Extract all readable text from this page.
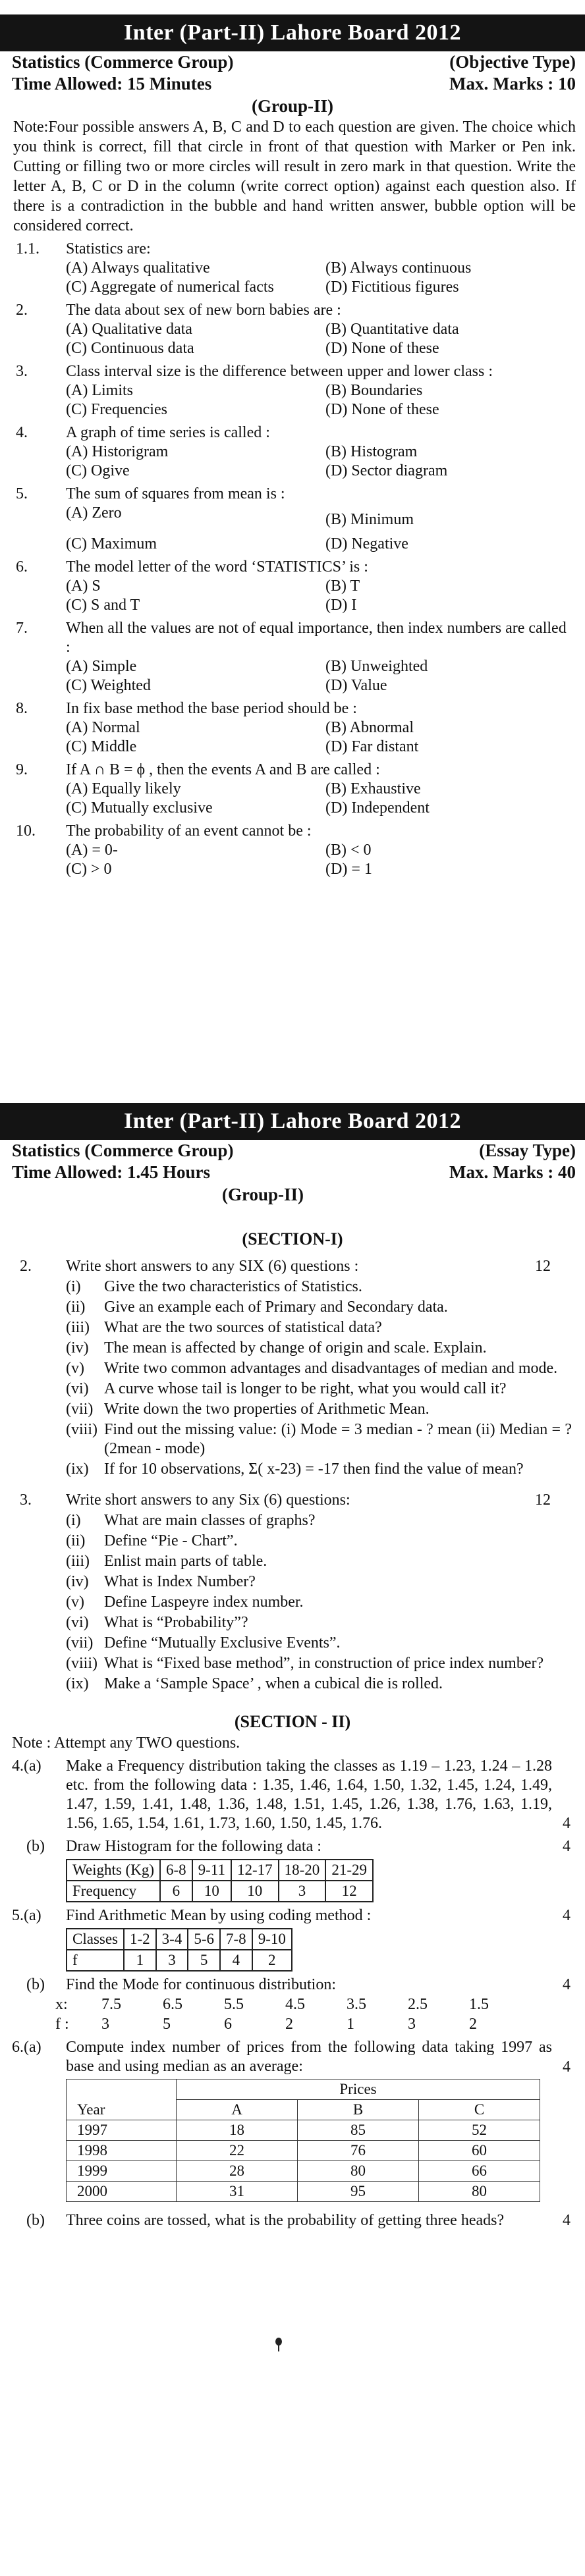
Inter (Part-II) Lahore Board 2012
Statistics (Commerce Group)	(Objective Type)
Time Allowed: 15 Minutes	Max. Marks : 10
(Group-II)
Note:Four possible answers A, B, C and D to each question are given. The choice which you think is correct, fill that circle in front of that question with Marker or Pen ink. Cutting or filling two or more circles will result in zero mark in that question. Write the letter A, B, C or D in the column (write correct option) against each question also. If there is a contradiction in the bubble and hand written answer, bubble option will be considered correct.
1.1.	Statistics are:
(A) Always qualitative	(B) Always continuous
(C) Aggregate of numerical facts	(D) Fictitious figures
2.	The data about sex of new born babies are :
(A) Qualitative data	(B) Quantitative data
(C) Continuous data	(D) None of these
3.	Class interval size is the difference between upper and lower class :
(A) Limits	(B) Boundaries
(C) Frequencies	(D) None of these
4.	A graph of time series is called :
(A) Historigram	(B) Histogram
(C) Ogive	(D) Sector diagram
5.	The sum of squares from mean is :
(A) Zero	(B) Minimum
(C) Maximum	(D) Negative
6.	The model letter of the word ‘STATISTICS’ is :
(A) S	(B) T
(C) S and T	(D) I
7.	When all the values are not of equal importance, then index numbers are called :
(A) Simple	(B) Unweighted
(C) Weighted	(D) Value
8.	In fix base method the base period should be :
(A) Normal	(B) Abnormal
(C) Middle	(D) Far distant
9.	If A ∩ B = ϕ , then the events A and B are called :
(A) Equally likely	(B) Exhaustive
(C) Mutually exclusive	(D) Independent
10.	The probability of an event cannot be :
(A) = 0-	(B) < 0
(C) > 0	(D) = 1
Inter (Part-II) Lahore Board 2012
Statistics (Commerce Group)	(Essay Type)
Time Allowed: 1.45 Hours	Max. Marks : 40
(Group-II)
(SECTION-I)
2.	12
Write short answers to any SIX (6) questions :
(i) Give the two characteristics of Statistics.
(ii) Give an example each of Primary and Secondary data.
(iii) What are the two sources of statistical data?
(iv) The mean is affected by change of origin and scale. Explain.
(v) Write two common advantages and disadvantages of median and mode.
(vi) A curve whose tail is longer to be right, what you would call it?
(vii) Write down the two properties of Arithmetic Mean.
(viii) Find out the missing value: (i) Mode = 3 median - ? mean (ii) Median = ? (2mean - mode)
(ix) If for 10 observations, Σ( x-23) = -17 then find the value of mean?
3.	12
Write short answers to any Six (6) questions:
(i) What are main classes of graphs?
(ii) Define “Pie - Chart”.
(iii) Enlist main parts of table.
(iv) What is Index Number?
(v) Define Laspeyre index number.
(vi) What is “Probability”?
(vii) Define “Mutually Exclusive Events”.
(viii) What is “Fixed base method”, in construction of price index number?
(ix) Make a ‘Sample Space’ , when a cubical die is rolled.
(SECTION - II)
Note : Attempt any TWO questions.
4.(a) Make a Frequency distribution taking the classes as 1.19 – 1.23, 1.24 – 1.28 etc. from the following data : 1.35, 1.46, 1.64, 1.50, 1.32, 1.45, 1.24, 1.49, 1.47, 1.59, 1.41, 1.48, 1.36, 1.48, 1.51, 1.45, 1.26, 1.38, 1.76, 1.63, 1.19, 1.56, 1.65, 1.54, 1.61, 1.73, 1.60, 1.50, 1.45, 1.76.	4
(b) Draw Histogram for the following data :	4
Weights (Kg)	6-8	9-11	12-17	18-20	21-29
Frequency	6	10	10	3	12
5.(a) Find Arithmetic Mean by using coding method :	4
Classes	1-2	3-4	5-6	7-8	9-10
f	1	3	5	4	2
(b) Find the Mode for continuous distribution:	4
x:	7.5	6.5	5.5	4.5	3.5	2.5	1.5
f :	3	5	6	2	1	3	2
6.(a) Compute index number of prices from the following data taking 1997 as base and using median as an average:	4
Year	Prices		
	A	B	C
1997	18	85	52
1998	22	76	60
1999	28	80	66
2000	31	95	80
(b) Three coins are tossed, what is the probability of getting three heads?	4
